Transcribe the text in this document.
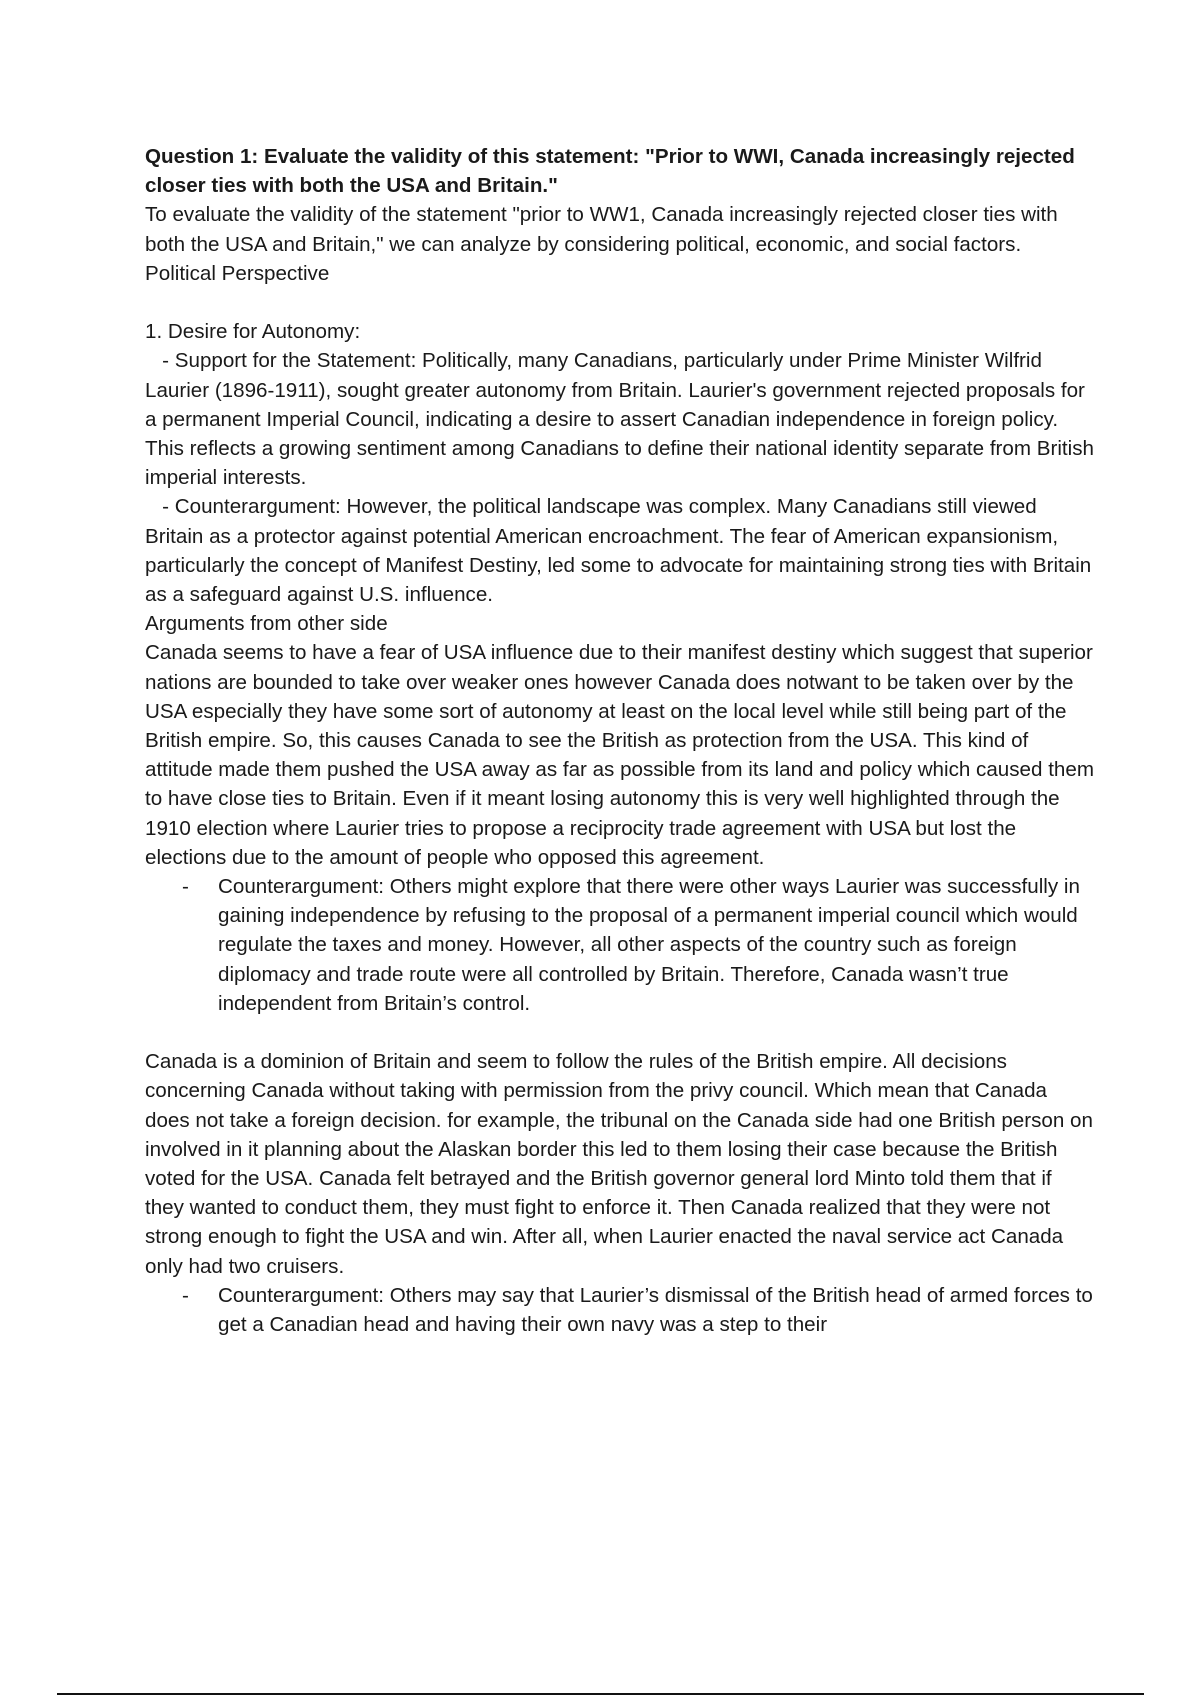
Question 1: Evaluate the validity of this statement: "Prior to WWI, Canada increasingly rejected closer ties with both the USA and Britain."

To evaluate the validity of the statement "prior to WW1, Canada increasingly rejected closer ties with both the USA and Britain," we can analyze by considering political, economic, and social factors.

Political Perspective

1. Desire for Autonomy:

- Support for the Statement: Politically, many Canadians, particularly under Prime Minister Wilfrid Laurier (1896-1911), sought greater autonomy from Britain. Laurier's government rejected proposals for a permanent Imperial Council, indicating a desire to assert Canadian independence in foreign policy. This reflects a growing sentiment among Canadians to define their national identity separate from British imperial interests.

- Counterargument: However, the political landscape was complex. Many Canadians still viewed Britain as a protector against potential American encroachment. The fear of American expansionism, particularly the concept of Manifest Destiny, led some to advocate for maintaining strong ties with Britain as a safeguard against U.S. influence.

Arguments from other side

Canada seems to have a fear of USA influence due to their manifest destiny which suggest that superior nations are bounded to take over weaker ones however Canada does notwant to be taken over by the USA especially they have some sort of autonomy at least on the local level while still being part of the British empire. So, this causes Canada to see the British as protection from the USA. This kind of attitude made them pushed the USA away as far as possible from its land and policy which caused them to have close ties to Britain. Even if it meant losing autonomy this is very well highlighted through the 1910 election where Laurier tries to propose a reciprocity trade agreement with USA but lost the elections due to the amount of people who opposed this agreement.

- Counterargument: Others might explore that there were other ways Laurier was successfully in gaining independence by refusing to the proposal of a permanent imperial council which would regulate the taxes and money. However, all other aspects of the country such as foreign diplomacy and trade route were all controlled by Britain. Therefore, Canada wasn’t true independent from Britain’s control.

Canada is a dominion of Britain and seem to follow the rules of the British empire. All decisions concerning Canada without taking with permission from the privy council. Which mean that Canada does not take a foreign decision. for example, the tribunal on the Canada side had one British person on involved in it planning about the Alaskan border this led to them losing their case because the British voted for the USA. Canada felt betrayed and the British governor general lord Minto told them that if they wanted to conduct them, they must fight to enforce it. Then Canada realized that they were not strong enough to fight the USA and win. After all, when Laurier enacted the naval service act Canada only had two cruisers.

- Counterargument: Others may say that Laurier’s dismissal of the British head of armed forces to get a Canadian head and having their own navy was a step to their
